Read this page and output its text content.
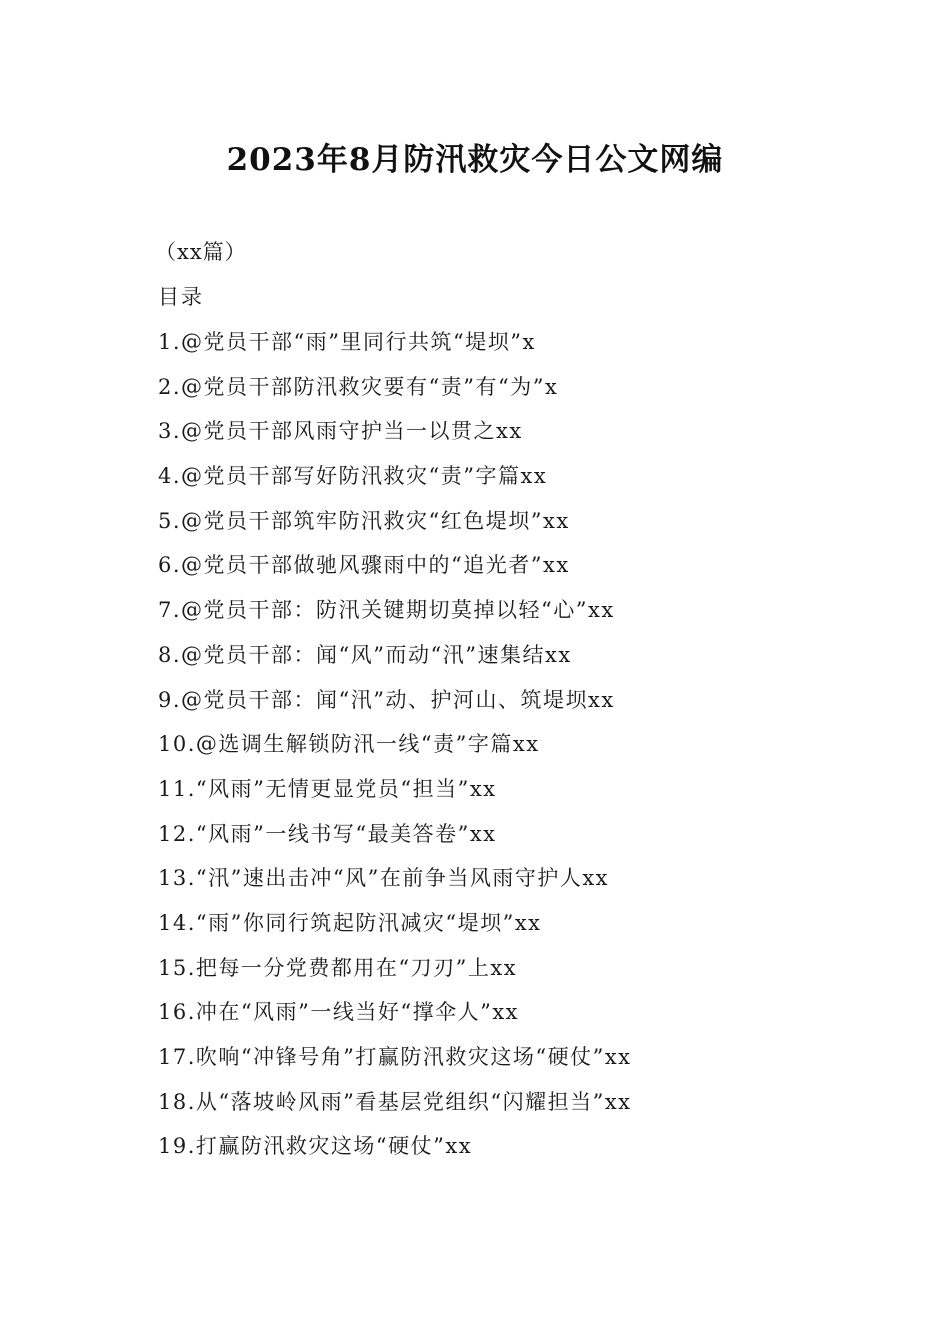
2023年8月防汛救灾今日公文网编
（xx篇）
目录
1.@党员干部“雨”里同行共筑“堤坝”x
2.@党员干部防汛救灾要有“责”有“为”x
3.@党员干部风雨守护当一以贯之xx
4.@党员干部写好防汛救灾“责”字篇xx
5.@党员干部筑牢防汛救灾“红色堤坝”xx
6.@党员干部做驰风骤雨中的“追光者”xx
7.@党员干部：防汛关键期切莫掉以轻“心”xx
8.@党员干部：闻“风”而动“汛”速集结xx
9.@党员干部：闻“汛”动、护河山、筑堤坝xx
10.@选调生解锁防汛一线“责”字篇xx
11.“风雨”无情更显党员“担当”xx
12.“风雨”一线书写“最美答卷”xx
13.“汛”速出击冲“风”在前争当风雨守护人xx
14.“雨”你同行筑起防汛减灾“堤坝”xx
15.把每一分党费都用在“刀刃”上xx
16.冲在“风雨”一线当好“撑伞人”xx
17.吹响“冲锋号角”打赢防汛救灾这场“硬仗”xx
18.从“落坡岭风雨”看基层党组织“闪耀担当”xx
19.打赢防汛救灾这场“硬仗”xx
